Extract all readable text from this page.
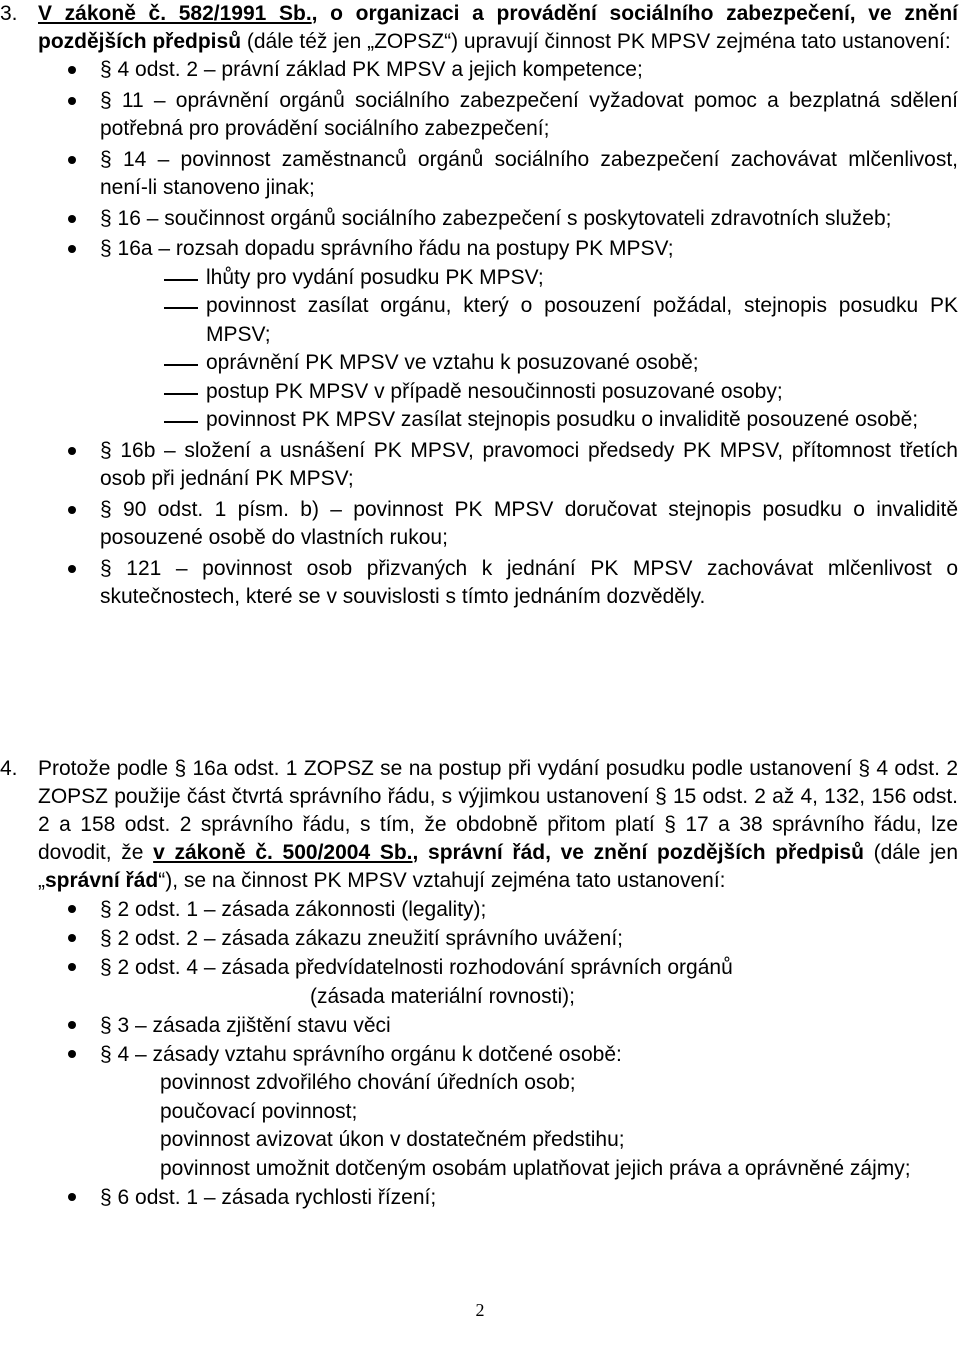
3. V zákoně č. 582/1991 Sb., o organizaci a provádění sociálního zabezpečení, ve znění pozdějších předpisů (dále též jen „ZOPSZ“) upravují činnost PK MPSV zejména tato ustanovení:
§ 4 odst. 2 – právní základ PK MPSV a jejich kompetence;
§ 11 – oprávnění orgánů sociálního zabezpečení vyžadovat pomoc a bezplatná sdělení potřebná pro provádění sociálního zabezpečení;
§ 14 – povinnost zaměstnanců orgánů sociálního zabezpečení zachovávat mlčenlivost, není-li stanoveno jinak;
§ 16 – součinnost orgánů sociálního zabezpečení s poskytovateli zdravotních služeb;
§ 16a – rozsah dopadu správního řádu na postupy PK MPSV;
lhůty pro vydání posudku PK MPSV;
povinnost zasílat orgánu, který o posouzení požádal, stejnopis posudku PK MPSV;
oprávnění PK MPSV ve vztahu k posuzované osobě;
postup PK MPSV v případě nesoučinnosti posuzované osoby;
povinnost PK MPSV zasílat stejnopis posudku o invaliditě posouzené osobě;
§ 16b – složení a usnášení PK MPSV, pravomoci předsedy PK MPSV, přítomnost třetích osob při jednání PK MPSV;
§ 90 odst. 1 písm. b) – povinnost PK MPSV doručovat stejnopis posudku o invaliditě posouzené osobě do vlastních rukou;
§ 121 – povinnost osob přizvaných k jednání PK MPSV zachovávat mlčenlivost o skutečnostech, které se v souvislosti s tímto jednáním dozvěděly.
4. Protože podle § 16a odst. 1 ZOPSZ se na postup při vydání posudku podle ustanovení § 4 odst. 2 ZOPSZ použije část čtvrtá správního řádu, s výjimkou ustanovení § 15 odst. 2 až 4, 132, 156 odst. 2 a 158 odst. 2 správního řádu, s tím, že obdobně přitom platí § 17 a 38 správního řádu, lze dovodit, že v zákoně č. 500/2004 Sb., správní řád, ve znění pozdějších předpisů (dále jen „správní řád“), se na činnost PK MPSV vztahují zejména tato ustanovení:
§ 2 odst. 1 – zásada zákonnosti (legality);
§ 2 odst. 2 – zásada zákazu zneužití správního uvážení;
§ 2 odst. 4 – zásada předvídatelnosti rozhodování správních orgánů
(zásada materiální rovnosti);
§ 3 – zásada zjištění stavu věci
§ 4 – zásady vztahu správního orgánu k dotčené osobě:
povinnost zdvořilého chování úředních osob;
poučovací povinnost;
povinnost avizovat úkon v dostatečném předstihu;
povinnost umožnit dotčeným osobám uplatňovat jejich práva a oprávněné zájmy;
§ 6 odst. 1 – zásada rychlosti řízení;
2
